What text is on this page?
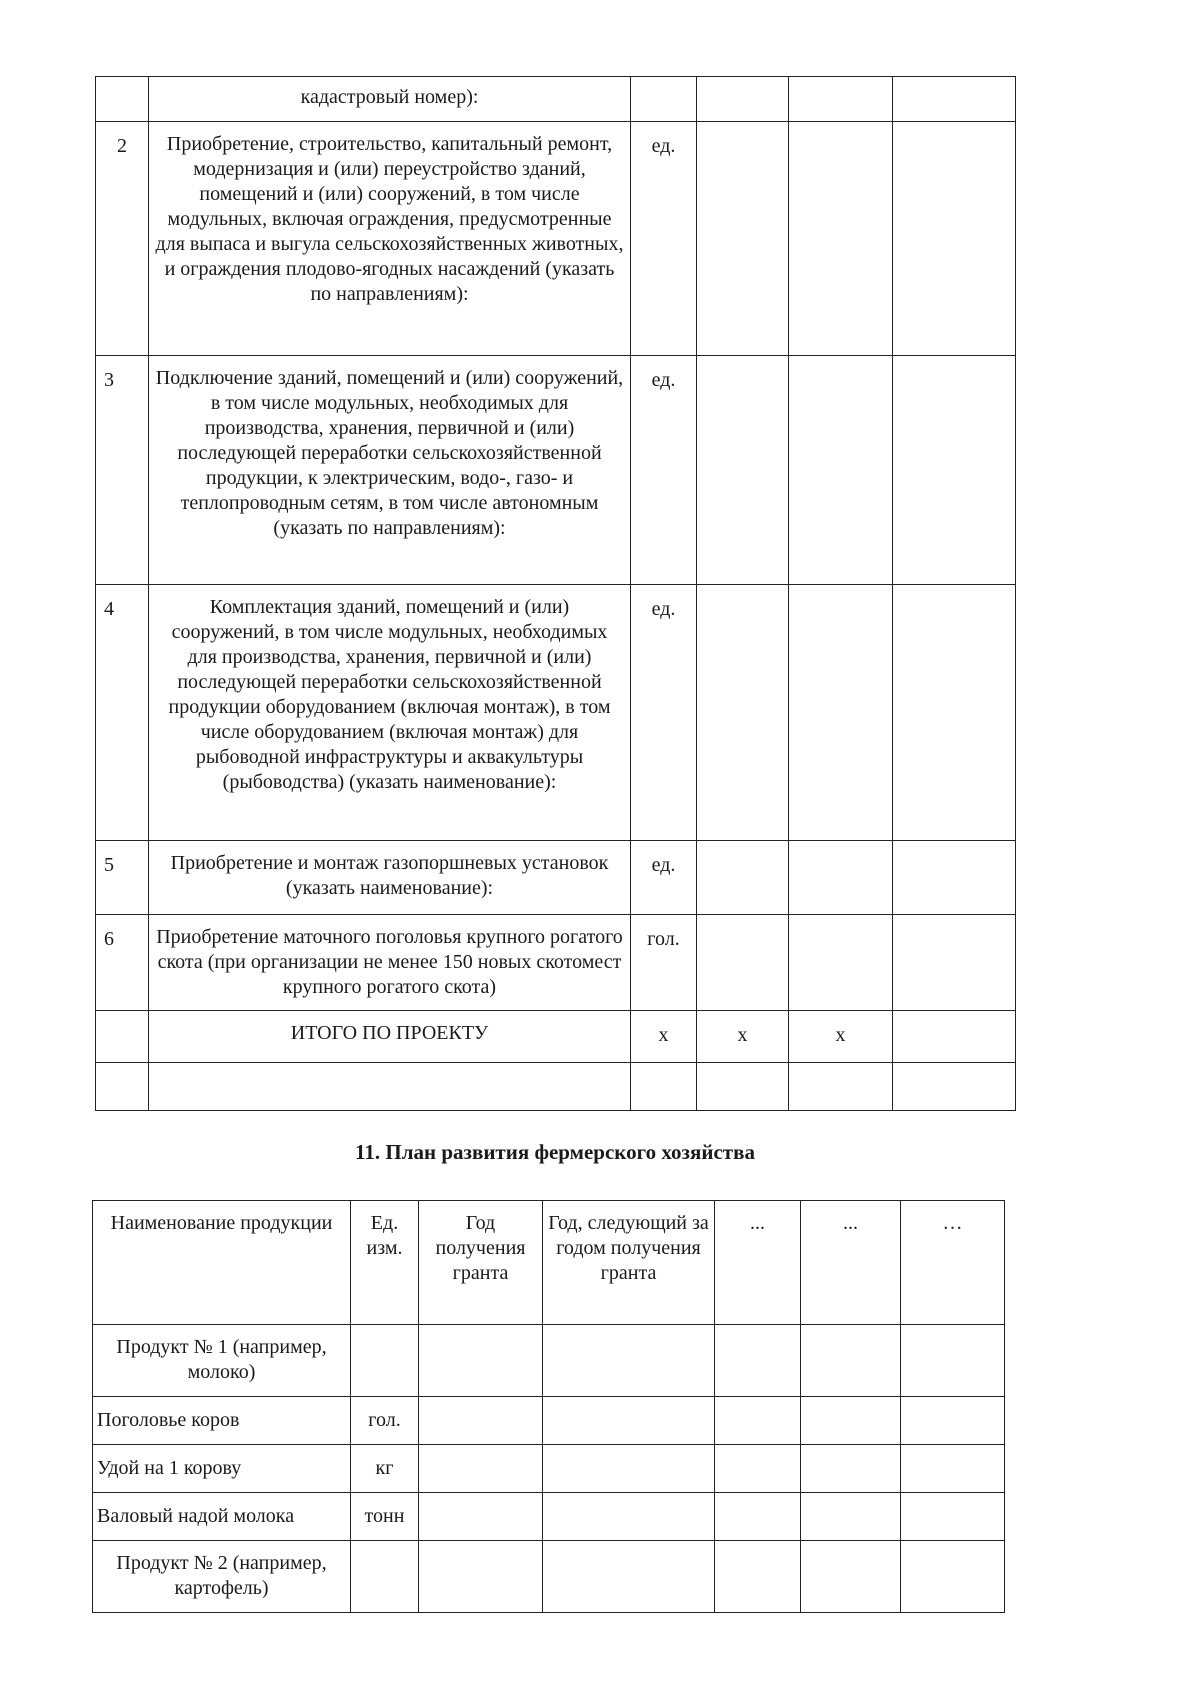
	кадастровый номер):				
2	Приобретение, строительство, капитальный ремонт, модернизация и (или) переустройство зданий, помещений и (или) сооружений, в том числе модульных, включая ограждения, предусмотренные для выпаса и выгула сельскохозяйственных животных, и ограждения плодово-ягодных насаждений (указать по направлениям):	ед.			
3	Подключение зданий, помещений и (или) сооружений, в том числе модульных, необходимых для производства, хранения, первичной и (или) последующей переработки сельскохозяйственной продукции, к электрическим, водо-, газо- и теплопроводным сетям, в том числе автономным (указать по направлениям):	ед.			
4	Комплектация зданий, помещений и (или) сооружений, в том числе модульных, необходимых для производства, хранения, первичной и (или) последующей переработки сельскохозяйственной продукции оборудованием (включая монтаж), в том числе оборудованием (включая монтаж) для рыбоводной инфраструктуры и аквакультуры (рыбоводства) (указать наименование):	ед.			
5	Приобретение и монтаж газопоршневых установок (указать наименование):	ед.			
6	Приобретение маточного поголовья крупного рогатого скота (при организации не менее 150 новых скотомест крупного рогатого скота)	гол.			
	ИТОГО ПО ПРОЕКТУ	х	х	х	

11. План развития фермерского хозяйства
Наименование продукции	Ед. изм.	Год получения гранта	Год, следующий за годом получения гранта	...	...	…
Продукт № 1 (например, молоко)						
Поголовье коров	гол.					
Удой на 1 корову	кг					
Валовый надой молока	тонн					
Продукт № 2 (например, картофель)						
